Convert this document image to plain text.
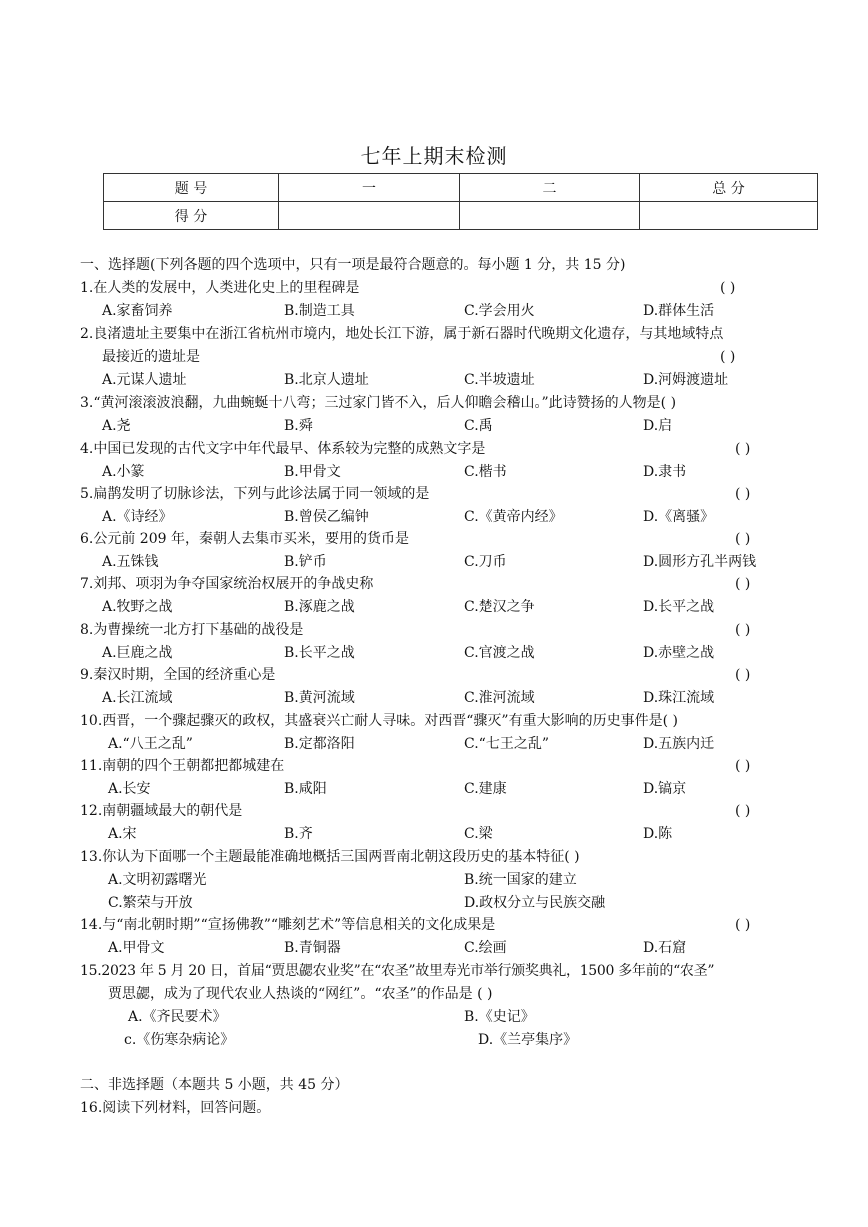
七年上期末检测
题 号	一	二	总 分
得 分			
一、选择题(下列各题的四个选项中，只有一项是最符合题意的。每小题 1 分，共 15 分)
1.在人类的发展中，人类进化史上的里程碑是	( )
A.家畜饲养	B.制造工具	C.学会用火	D.群体生活
2.良渚遗址主要集中在浙江省杭州市境内，地处长江下游，属于新石器时代晚期文化遗存，与其地域特点
最接近的遗址是	( )
A.元谋人遗址	B.北京人遗址	C.半坡遗址	D.河姆渡遗址
3.“黄河滚滚波浪翻，九曲蜿蜒十八弯；三过家门皆不入，后人仰瞻会稽山。”此诗赞扬的人物是( )
A.尧	B.舜	C.禹	D.启
4.中国已发现的古代文字中年代最早、体系较为完整的成熟文字是	( )
A.小篆	B.甲骨文	C.楷书	D.隶书
5.扁鹊发明了切脉诊法，下列与此诊法属于同一领域的是	( )
A.《诗经》	B.曾侯乙编钟	C.《黄帝内经》	D.《离骚》
6.公元前 209 年，秦朝人去集市买米，要用的货币是	( )
A.五铢钱	B.铲币	C.刀币	D.圆形方孔半两钱
7.刘邦、项羽为争夺国家统治权展开的争战史称	( )
A.牧野之战	B.涿鹿之战	C.楚汉之争	D.长平之战
8.为曹操统一北方打下基础的战役是	( )
A.巨鹿之战	B.长平之战	C.官渡之战	D.赤壁之战
9.秦汉时期，全国的经济重心是	( )
A.长江流域	B.黄河流域	C.淮河流域	D.珠江流域
10.西晋，一个骤起骤灭的政权，其盛衰兴亡耐人寻味。对西晋“骤灭”有重大影响的历史事件是( )
A.“八王之乱”	B.定都洛阳	C.“七王之乱”	D.五族内迁
11.南朝的四个王朝都把都城建在	( )
A.长安	B.咸阳	C.建康	D.镐京
12.南朝疆域最大的朝代是	( )
A.宋	B.齐	C.梁	D.陈
13.你认为下面哪一个主题最能准确地概括三国两晋南北朝这段历史的基本特征( )
A.文明初露曙光	B.统一国家的建立
C.繁荣与开放	D.政权分立与民族交融
14.与“南北朝时期”“宣扬佛教”“雕刻艺术”等信息相关的文化成果是	( )
A.甲骨文	B.青铜器	C.绘画	D.石窟
15.2023 年 5 月 20 日，首届“贾思勰农业奖”在“农圣”故里寿光市举行颁奖典礼，1500 多年前的“农圣”
贾思勰，成为了现代农业人热谈的“网红”。“农圣”的作品是 ( )
A.《齐民要术》	B.《史记》
c.《伤寒杂病论》	D.《兰亭集序》
二、非选择题（本题共 5 小题，共 45 分）
16.阅读下列材料，回答问题。
